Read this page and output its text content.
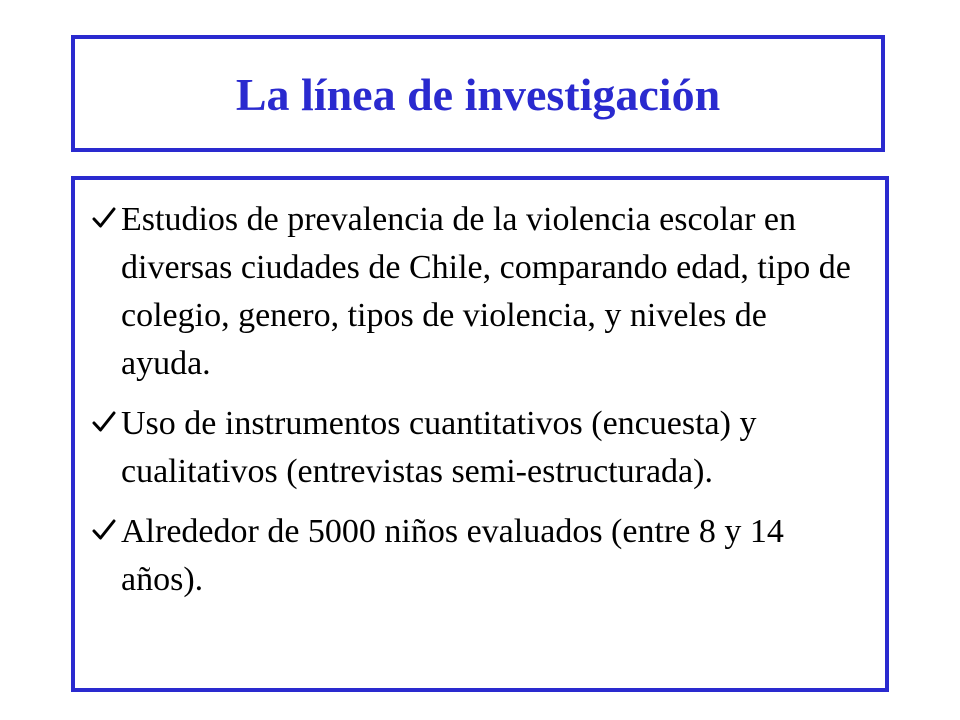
La línea de investigación
Estudios de prevalencia de la violencia escolar en diversas ciudades de Chile, comparando edad, tipo de colegio, genero, tipos de violencia, y niveles de ayuda.
Uso de instrumentos cuantitativos (encuesta) y cualitativos (entrevistas semi-estructurada).
Alrededor de 5000 niños evaluados (entre 8 y 14 años).
